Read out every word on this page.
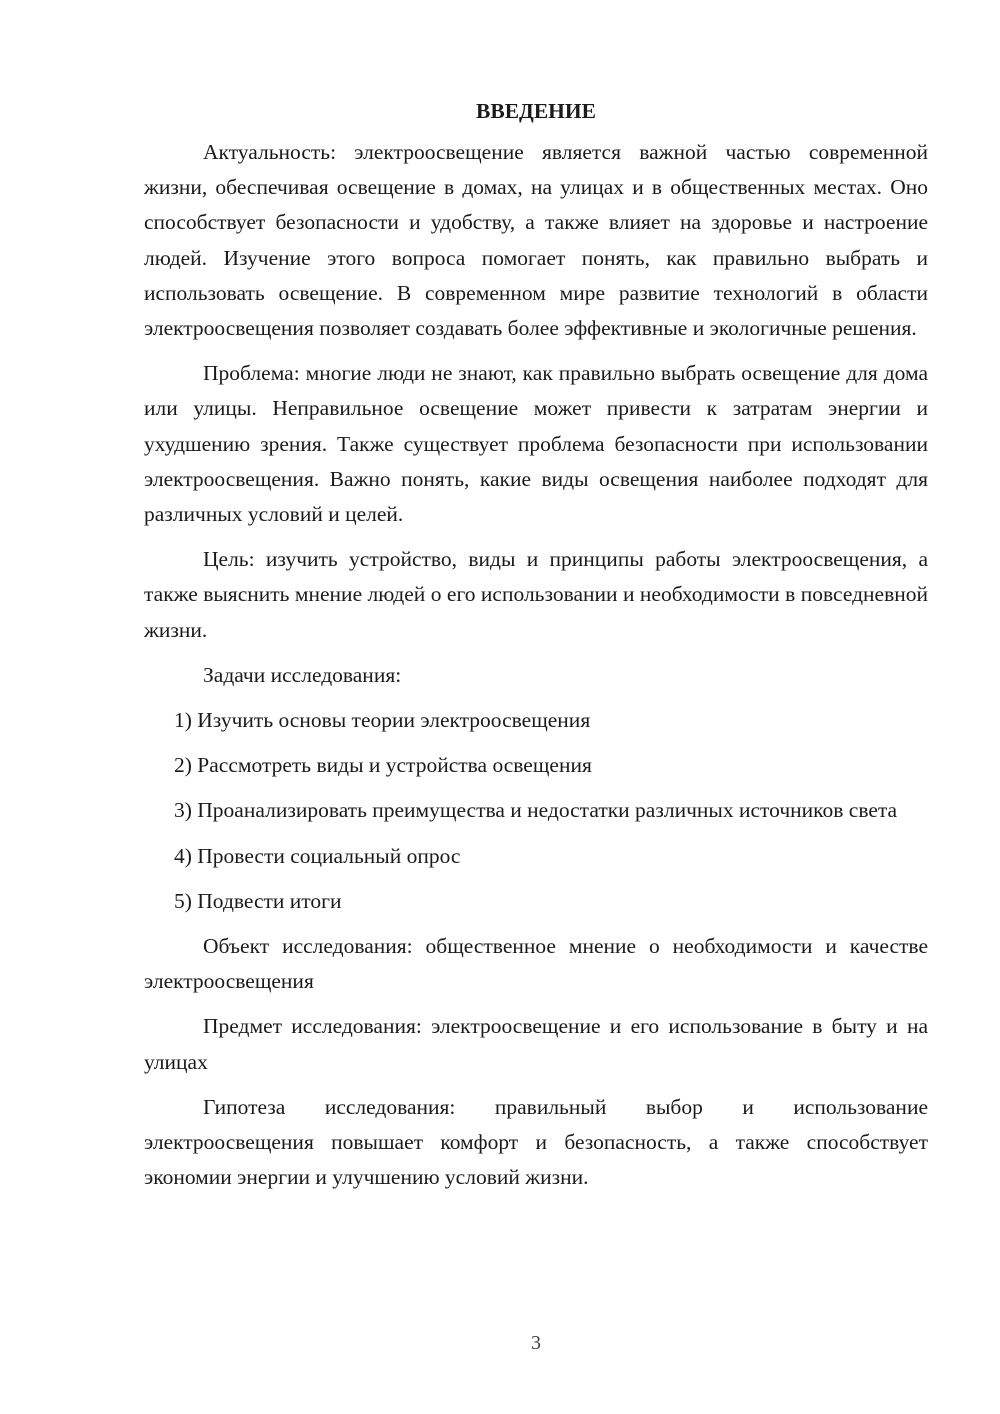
ВВЕДЕНИЕ

Актуальность: электроосвещение является важной частью современной жизни, обеспечивая освещение в домах, на улицах и в общественных местах. Оно способствует безопасности и удобству, а также влияет на здоровье и настроение людей. Изучение этого вопроса помогает понять, как правильно выбрать и использовать освещение. В современном мире развитие технологий в области электроосвещения позволяет создавать более эффективные и экологичные решения.

Проблема: многие люди не знают, как правильно выбрать освещение для дома или улицы. Неправильное освещение может привести к затратам энергии и ухудшению зрения. Также существует проблема безопасности при использовании электроосвещения. Важно понять, какие виды освещения наиболее подходят для различных условий и целей.

Цель: изучить устройство, виды и принципы работы электроосвещения, а также выяснить мнение людей о его использовании и необходимости в повседневной жизни.

Задачи исследования:

1) Изучить основы теории электроосвещения

2) Рассмотреть виды и устройства освещения

3) Проанализировать преимущества и недостатки различных источников света

4) Провести социальный опрос

5) Подвести итоги

Объект исследования: общественное мнение о необходимости и качестве электроосвещения

Предмет исследования: электроосвещение и его использование в быту и на улицах

Гипотеза исследования: правильный выбор и использование электроосвещения повышает комфорт и безопасность, а также способствует экономии энергии и улучшению условий жизни.

3
